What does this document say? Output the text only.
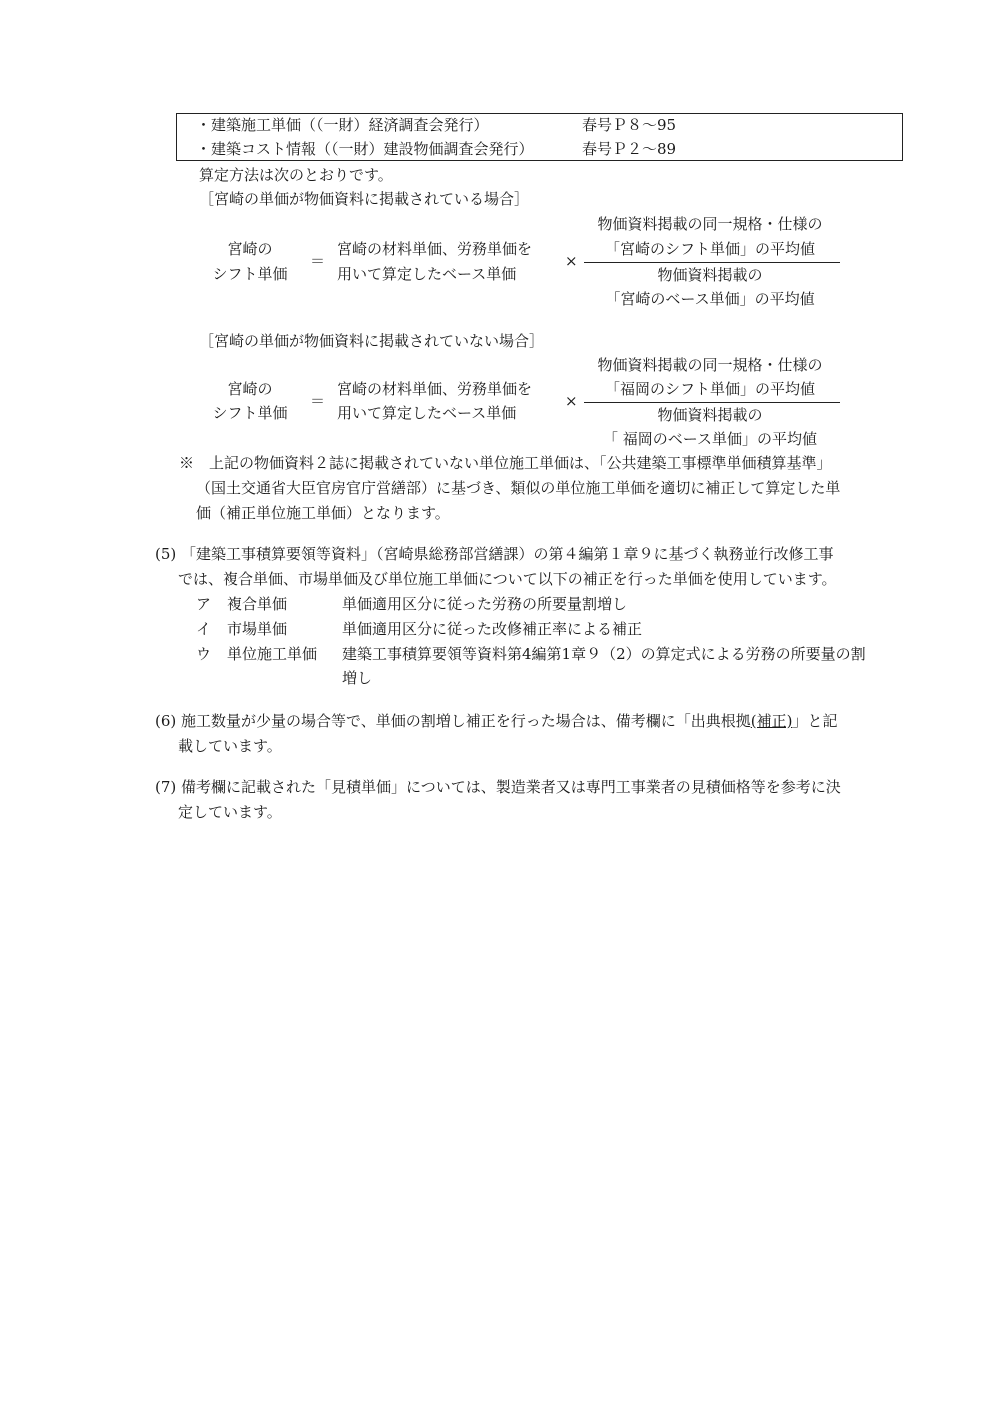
・建築施工単価（（一財）経済調査会発行）	春号Ｐ８～95
・建築コスト情報（（一財）建設物価調査会発行）	春号Ｐ２～89
算定方法は次のとおりです。
［宮崎の単価が物価資料に掲載されている場合］
宮崎の
シフト単価
＝
宮崎の材料単価、労務単価を
用いて算定したベース単価
×
物価資料掲載の同一規格・仕様の
「宮崎のシフト単価」の平均値
物価資料掲載の
「宮崎のベース単価」の平均値
［宮崎の単価が物価資料に掲載されていない場合］
宮崎の
シフト単価
＝
宮崎の材料単価、労務単価を
用いて算定したベース単価
×
物価資料掲載の同一規格・仕様の
「福岡のシフト単価」の平均値
物価資料掲載の
「 福岡のベース単価」の平均値
※　上記の物価資料２誌に掲載されていない単位施工単価は、「公共建築工事標準単価積算基準」
（国土交通省大臣官房官庁営繕部）に基づき、類似の単位施工単価を適切に補正して算定した単
価（補正単位施工単価）となります。
(5) 「建築工事積算要領等資料」（宮崎県総務部営繕課）の第４編第１章９に基づく執務並行改修工事
では、複合単価、市場単価及び単位施工単価について以下の補正を行った単価を使用しています。
ア 複合単価	単価適用区分に従った労務の所要量割増し
イ 市場単価	単価適用区分に従った改修補正率による補正
ウ 単位施工単価 建築工事積算要領等資料第4編第1章９（2）の算定式による労務の所要量の割
増し
(6) 施工数量が少量の場合等で、単価の割増し補正を行った場合は、備考欄に「出典根拠(補正)」と記
載しています。
(7) 備考欄に記載された「見積単価」については、製造業者又は専門工事業者の見積価格等を参考に決
定しています。
